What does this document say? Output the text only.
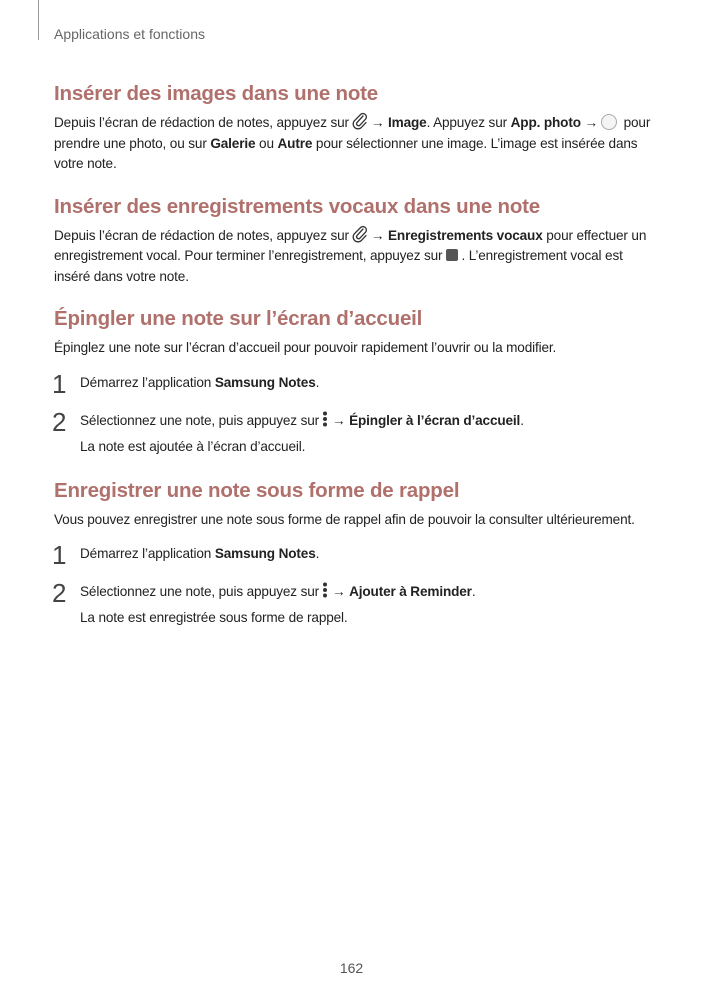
Applications et fonctions
Insérer des images dans une note

Depuis l’écran de rédaction de notes, appuyez sur → Image. Appuyez sur App. photo → pour prendre une photo, ou sur Galerie ou Autre pour sélectionner une image. L’image est insérée dans votre note.

Insérer des enregistrements vocaux dans une note

Depuis l’écran de rédaction de notes, appuyez sur → Enregistrements vocaux pour effectuer un enregistrement vocal. Pour terminer l’enregistrement, appuyez sur . L’enregistrement vocal est inséré dans votre note.

Épingler une note sur l’écran d’accueil

Épinglez une note sur l’écran d’accueil pour pouvoir rapidement l’ouvrir ou la modifier.

1 Démarrez l’application Samsung Notes.
2 Sélectionnez une note, puis appuyez sur → Épingler à l’écran d’accueil.
La note est ajoutée à l’écran d’accueil.
Enregistrer une note sous forme de rappel

Vous pouvez enregistrer une note sous forme de rappel afin de pouvoir la consulter ultérieurement.

1 Démarrez l’application Samsung Notes.
2 Sélectionnez une note, puis appuyez sur → Ajouter à Reminder.
La note est enregistrée sous forme de rappel.
162
